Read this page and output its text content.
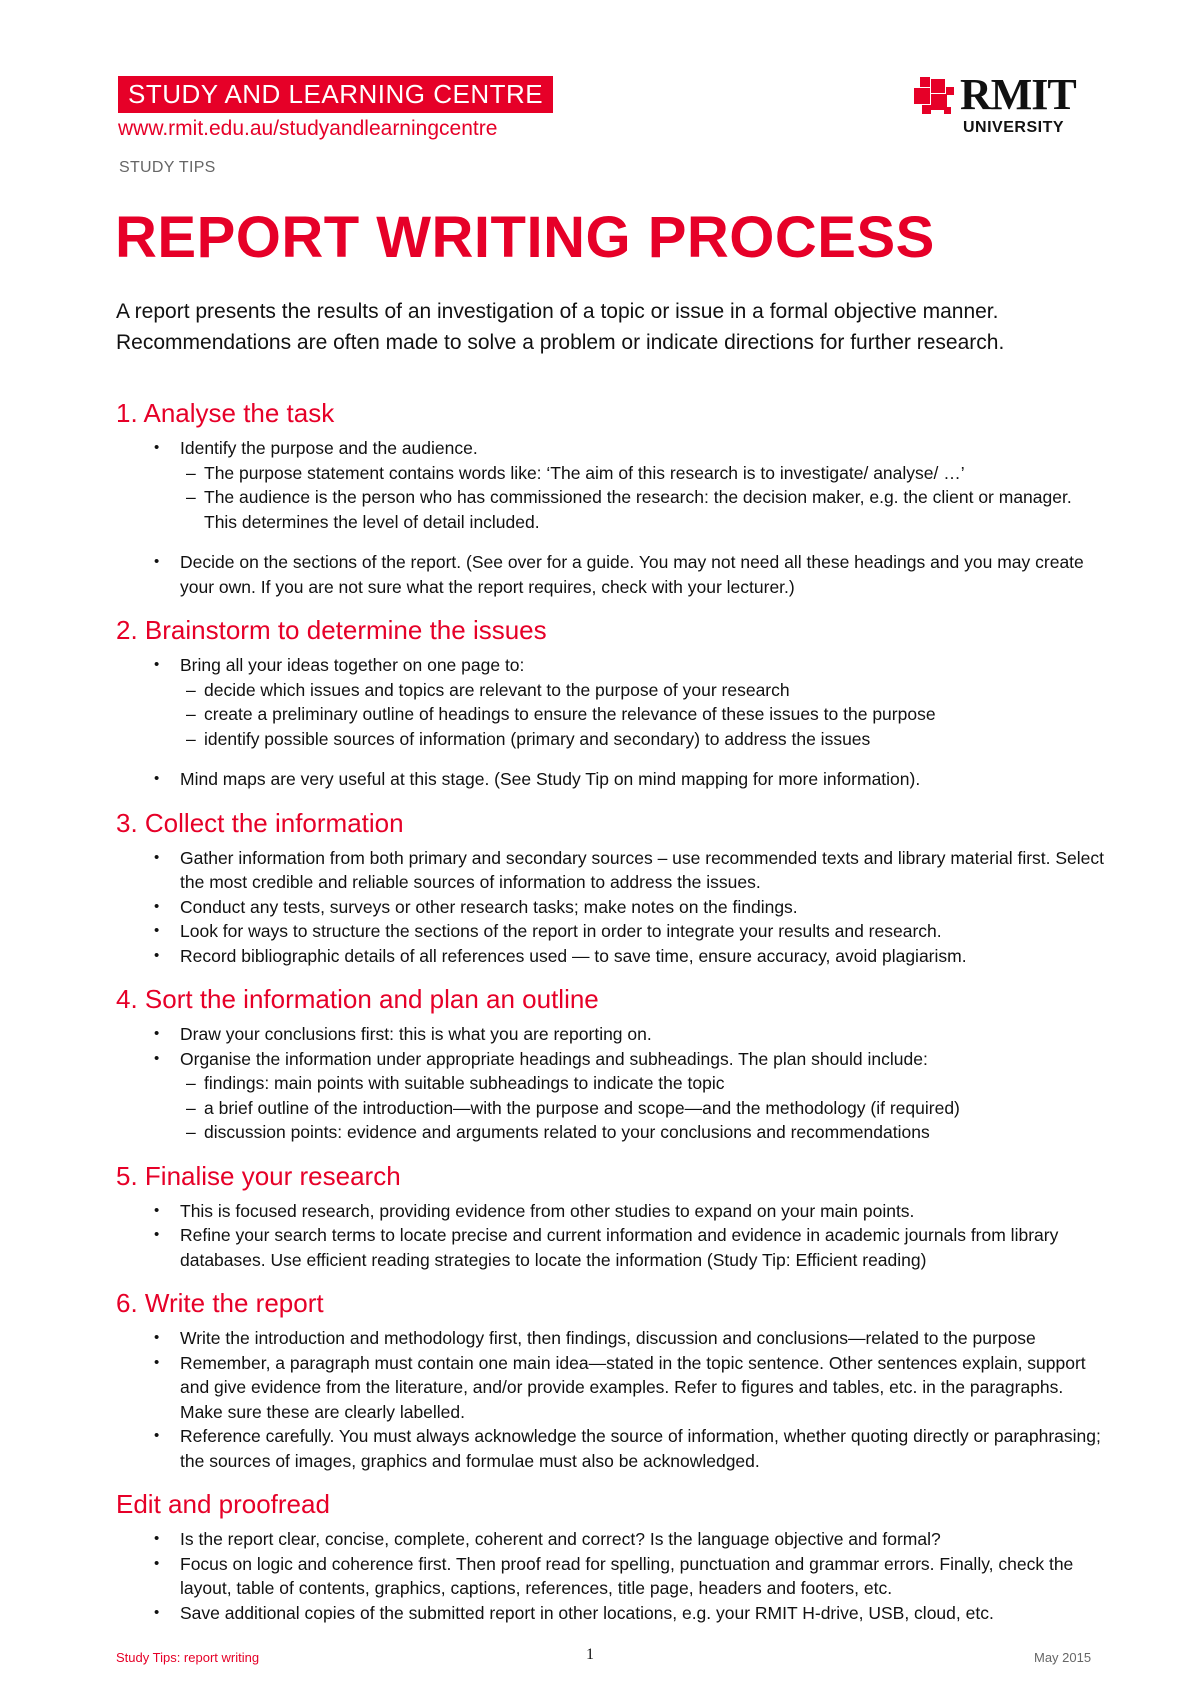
STUDY AND LEARNING CENTRE
www.rmit.edu.au/studyandlearningcentre
STUDY TIPS
RMIT
UNIVERSITY
REPORT WRITING PROCESS

A report presents the results of an investigation of a topic or issue in a formal objective manner. Recommendations are often made to solve a problem or indicate directions for further research.

1. Analyse the task
• Identify the purpose and the audience.
– The purpose statement contains words like: ‘The aim of this research is to investigate/ analyse/ …’
– The audience is the person who has commissioned the research: the decision maker, e.g. the client or manager. This determines the level of detail included.
• Decide on the sections of the report. (See over for a guide. You may not need all these headings and you may create your own. If you are not sure what the report requires, check with your lecturer.)
2. Brainstorm to determine the issues
• Bring all your ideas together on one page to:
– decide which issues and topics are relevant to the purpose of your research
– create a preliminary outline of headings to ensure the relevance of these issues to the purpose
– identify possible sources of information (primary and secondary) to address the issues
• Mind maps are very useful at this stage. (See Study Tip on mind mapping for more information).
3. Collect the information
• Gather information from both primary and secondary sources – use recommended texts and library material first. Select the most credible and reliable sources of information to address the issues.
• Conduct any tests, surveys or other research tasks; make notes on the findings.
• Look for ways to structure the sections of the report in order to integrate your results and research.
• Record bibliographic details of all references used — to save time, ensure accuracy, avoid plagiarism.
4. Sort the information and plan an outline
• Draw your conclusions first: this is what you are reporting on.
• Organise the information under appropriate headings and subheadings. The plan should include:
– findings: main points with suitable subheadings to indicate the topic
– a brief outline of the introduction—with the purpose and scope—and the methodology (if required)
– discussion points: evidence and arguments related to your conclusions and recommendations
5. Finalise your research
• This is focused research, providing evidence from other studies to expand on your main points.
• Refine your search terms to locate precise and current information and evidence in academic journals from library databases. Use efficient reading strategies to locate the information (Study Tip: Efficient reading)
6. Write the report
• Write the introduction and methodology first, then findings, discussion and conclusions—related to the purpose
• Remember, a paragraph must contain one main idea—stated in the topic sentence. Other sentences explain, support and give evidence from the literature, and/or provide examples. Refer to figures and tables, etc. in the paragraphs. Make sure these are clearly labelled.
• Reference carefully. You must always acknowledge the source of information, whether quoting directly or paraphrasing; the sources of images, graphics and formulae must also be acknowledged.
Edit and proofread
• Is the report clear, concise, complete, coherent and correct? Is the language objective and formal?
• Focus on logic and coherence first. Then proof read for spelling, punctuation and grammar errors. Finally, check the layout, table of contents, graphics, captions, references, title page, headers and footers, etc.
• Save additional copies of the submitted report in other locations, e.g. your RMIT H-drive, USB, cloud, etc.
Study Tips: report writing	1	May 2015
